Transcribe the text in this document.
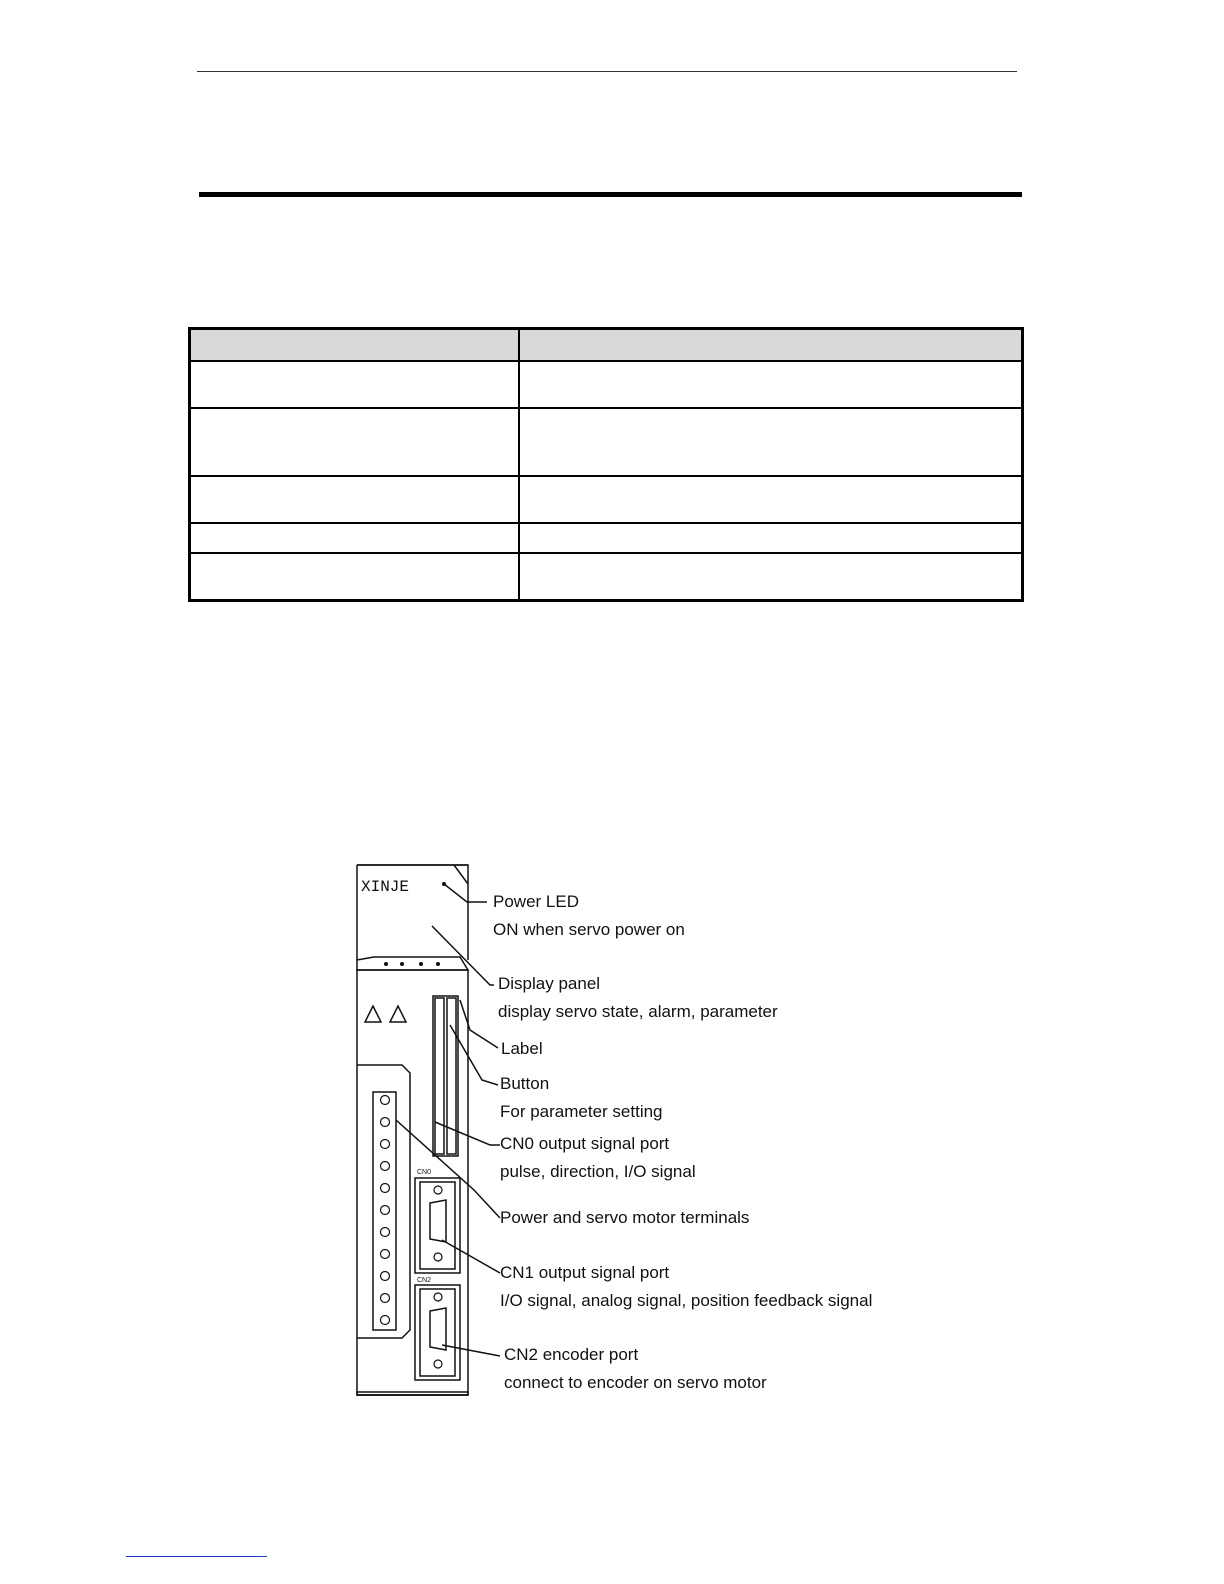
XINJE
CN0
CN2
Power LED
ON when servo power on
Display panel
display servo state, alarm, parameter
Label
Button
For parameter setting
CN0 output signal port
pulse, direction, I/O signal
Power and servo motor terminals
CN1 output signal port
I/O signal, analog signal, position feedback signal
CN2 encoder port
connect to encoder on servo motor
